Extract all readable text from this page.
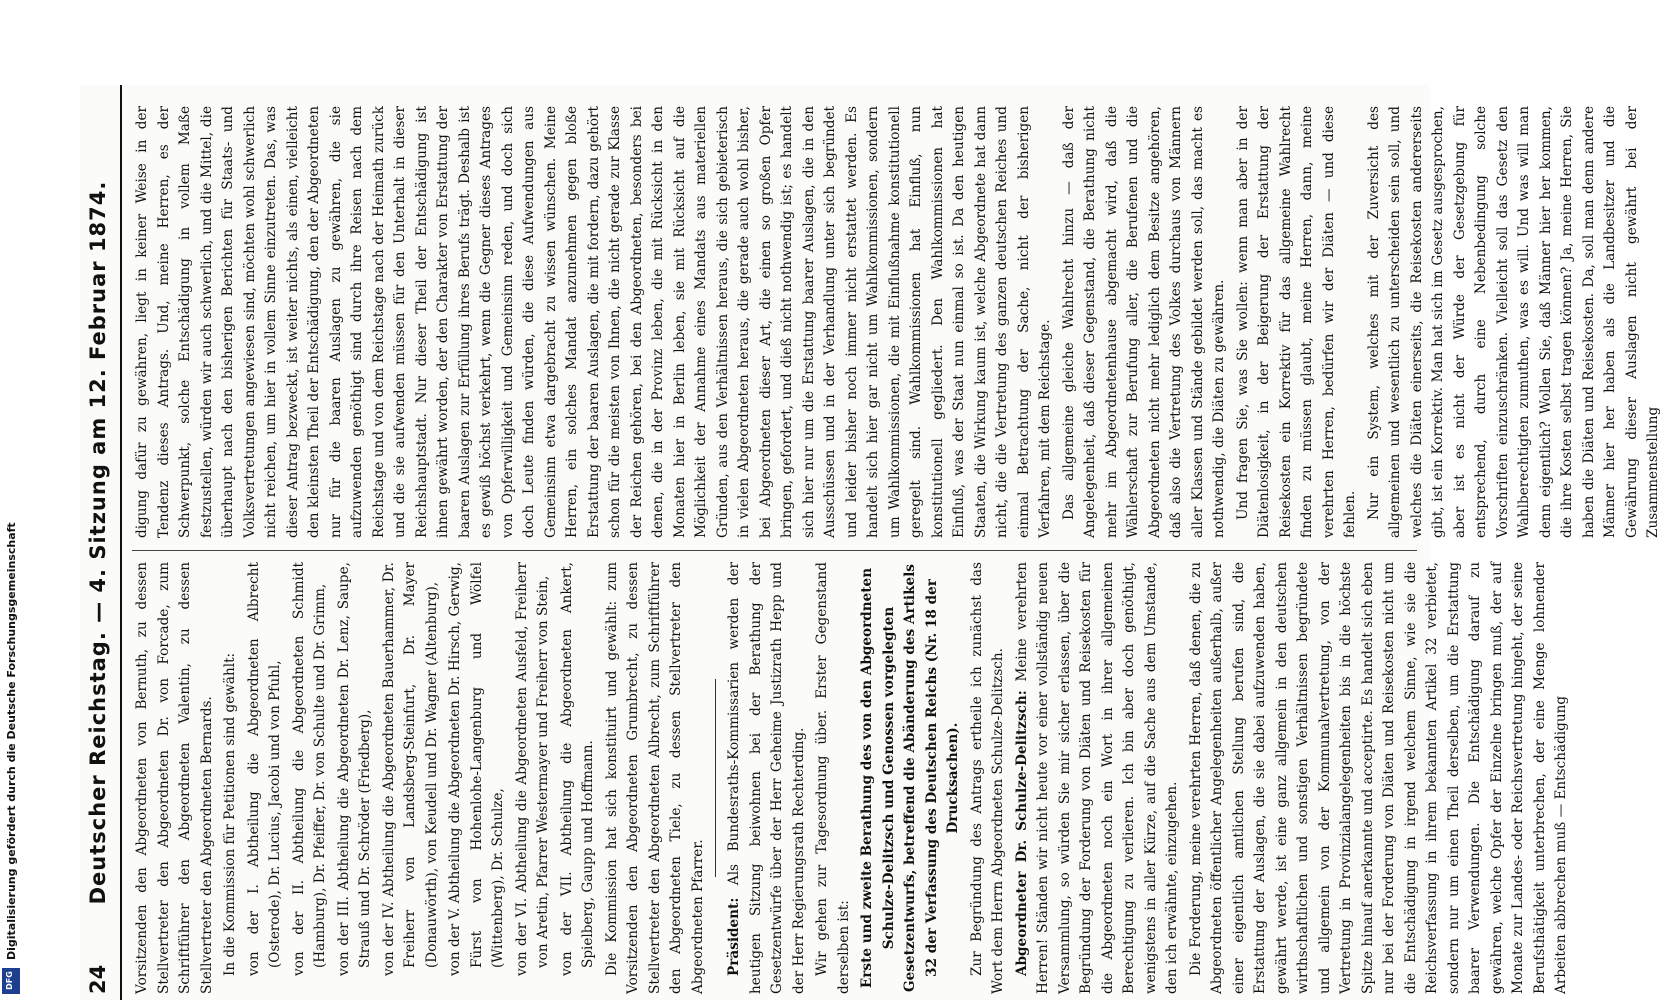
24
Deutscher Reichstag. — 4. Sitzung am 12. Februar 1874. Vorsitzenden den Abgeordneten von Bernuth, zu dessen Stellvertreter den Abgeordneten Dr. von Forcade, zum Schriftführer den Abgeordneten Valentin, zu dessen Stellvertreter den Abgeordneten Bernards. In die Kommission für Petitionen sind gewählt: von der I. Abtheilung die Abgeordneten Albrecht (Osterode), Dr. Lucius, Jacobi und von Pfuhl, von der II. Abtheilung die Abgeordneten Schmidt (Hamburg), Dr. Pfeiffer, Dr. von Schulte und Dr. Grimm, von der III. Abtheilung die Abgeordneten Dr. Lenz, Saupe, Strauß und Dr. Schröder (Friedberg), von der IV. Abtheilung die Abgeordneten Bauerhammer, Dr. Freiherr von Landsberg-Steinfurt, Dr. Mayer (Donauwörth), von Keudell und Dr. Wagner (Altenburg), von der V. Abtheilung die Abgeordneten Dr. Hirsch, Gerwig, Fürst von Hohenlohe-Langenburg und Wölfel (Wittenberg), Dr. Schulze, von der VI. Abtheilung die Abgeordneten Ausfeld, Freiherr von Aretin, Pfarrer Westermayer und Freiherr von Stein, von der VII. Abtheilung die Abgeordneten Ankert, Spielberg, Gaupp und Hoffmann. Die Kommission hat sich konstituirt und gewählt: zum Vorsitzenden den Abgeordneten Grumbrecht, zu dessen Stellvertreter den Abgeordneten Albrecht, zum Schriftführer den Abgeordneten Tiele, zu dessen Stellvertreter den Abgeordneten Pfarrer. Präsident: Als Bundesraths-Kommissarien werden der heutigen Sitzung beiwohnen bei der Berathung der Gesetzentwürfe über der Herr Geheime Justizrath Hepp und der Herr Regierungsrath Rechterding. Wir gehen zur Tagesordnung über. Erster Gegenstand derselben ist: Erste und zweite Berathung des von den Abgeordneten Schulze-Delitzsch und Genossen vorgelegten Gesetzentwurfs, betreffend die Abänderung des Artikels 32 der Verfassung des Deutschen Reichs (Nr. 18 der Drucksachen). Zur Begründung des Antrags ertheile ich zunächst das Wort dem Herrn Abgeordneten Schulze-Delitzsch. Abgeordneter Dr. Schulze-Delitzsch: Meine verehrten Herren! Ständen wir nicht heute vor einer vollständig neuen Versammlung, so würden Sie mir sicher erlassen, über die Begründung der Forderung von Diäten und Reisekosten für die Abgeordneten noch ein Wort in ihrer allgemeinen Berechtigung zu verlieren. Ich bin aber doch genöthigt, wenigstens in aller Kürze, auf die Sache aus dem Umstande, den ich erwähnte, einzugehen. Die Forderung, meine verehrten Herren, daß denen, die zu Abgeordneten öffentlicher Angelegenheiten außerhalb, außer einer eigentlich amtlichen Stellung berufen sind, die Erstattung der Auslagen, die sie dabei aufzuwenden haben, gewährt werde, ist eine ganz allgemein in den deutschen wirthschaftlichen und sonstigen Verhältnissen begründete und allgemein von der Kommunalvertretung, von der Vertretung in Provinzialangelegenheiten bis in die höchste Spitze hinauf anerkannte und acceptirte. Es handelt sich eben nur bei der Forderung von Diäten und Reisekosten nicht um die Entschädigung in irgend welchem Sinne, wie sie die Reichsverfassung in ihrem bekannten Artikel 32 verbietet, sondern nur um einen Theil derselben, um die Erstattung baarer Verwendungen. Die Entschädigung darauf zu gewähren, welche Opfer der Einzelne bringen muß, der auf Monate zur Landes- oder Reichsvertretung hingeht, der seine Berufsthätigkeit unterbrechen, der eine Menge lohnender Arbeiten abbrechen muß — Entschädigung

digung dafür zu gewähren, liegt in keiner Weise in der Tendenz dieses Antrags. Und, meine Herren, es der Schwerpunkt, solche Entschädigung in vollem Maße festzustellen, würden wir auch schwerlich, und die Mittel, die überhaupt nach den bisherigen Berichten für Staats- und Volksvertretungen angewiesen sind, möchten wohl schwerlich nicht reichen, um hier in vollem Sinne einzutreten. Das, was dieser Antrag bezweckt, ist weiter nichts, als einen, vielleicht den kleinsten Theil der Entschädigung, den der Abgeordneten nur für die baaren Auslagen zu gewähren, die sie aufzuwenden genöthigt sind durch ihre Reisen nach dem Reichstage und von dem Reichstage nach der Heimath zurück und die sie aufwenden müssen für den Unterhalt in dieser Reichshauptstadt. Nur dieser Theil der Entschädigung ist ihnen gewährt worden, der den Charakter von Erstattung der baaren Auslagen zur Erfüllung ihres Berufs trägt. Deshalb ist es gewiß höchst verkehrt, wenn die Gegner dieses Antrages von Opferwilligkeit und Gemeinsinn reden, und doch sich doch Leute finden würden, die diese Aufwendungen aus Gemeinsinn etwa dargebracht zu wissen wünschen. Meine Herren, ein solches Mandat anzunehmen gegen bloße Erstattung der baaren Auslagen, die mit fordern, dazu gehört schon für die meisten von Ihnen, die nicht gerade zur Klasse der Reichen gehören, bei den Abgeordneten, besonders bei denen, die in der Provinz leben, die mit Rücksicht in den Monaten hier in Berlin leben, sie mit Rücksicht auf die Möglichkeit der Annahme eines Mandats aus materiellen Gründen, aus den Verhältnissen heraus, die sich gebieterisch in vielen Abgeordneten heraus, die gerade auch wohl bisher, bei Abgeordneten dieser Art, die einen so großen Opfer bringen, gefordert, und dieß nicht nothwendig ist; es handelt sich hier nur um die Erstattung baarer Auslagen, die in den Ausschüssen und in der Verhandlung unter sich begründet und leider bisher noch immer nicht erstattet werden. Es handelt sich hier gar nicht um Wahlkommissionen, sondern um Wahlkommissionen, die mit Einflußnahme konstitutionell geregelt sind. Wahlkommissionen hat Einfluß, nun konstitutionell gegliedert. Den Wahlkommissionen hat Einfluß, was der Staat nun einmal so ist. Da den heutigen Staaten, die Wirkung kaum ist, welche Abgeordnete hat dann nicht, die die Vertretung des ganzen deutschen Reiches und einmal Betrachtung der Sache, nicht der bisherigen Verfahren, mit dem Reichstage. Das allgemeine gleiche Wahlrecht hinzu — daß der Angelegenheit, daß dieser Gegenstand, die Berathung nicht mehr im Abgeordnetenhause abgemacht wird, daß die Wählerschaft zur Berufung aller, die Berufenen und die Abgeordneten nicht mehr lediglich dem Besitze angehören, daß also die Vertretung des Volkes durchaus von Männern aller Klassen und Stände gebildet werden soll, das macht es nothwendig, die Diäten zu gewähren. Und fragen Sie, was Sie wollen: wenn man aber in der Diätenlosigkeit, in der Beigerung der Erstattung der Reisekosten ein Korrektiv für das allgemeine Wahlrecht finden zu müssen glaubt, meine Herren, dann, meine verehrten Herren, bedürfen wir der Diäten — und diese fehlen. Nur ein System, welches mit der Zuversicht des allgemeinen und wesentlich zu unterscheiden sein soll, und welches die Diäten einerseits, die Reisekosten andererseits gibt, ist ein Korrektiv. Man hat sich im Gesetz ausgesprochen, aber ist es nicht der Würde der Gesetzgebung für entsprechend, durch eine Nebenbedingung solche Vorschriften einzuschränken. Vielleicht soll das Gesetz den Wahlberechtigten zumuthen, was es will. Und was will man denn eigentlich? Wollen Sie, daß Männer hier her kommen, die ihre Kosten selbst tragen können? Ja, meine Herren, Sie haben die Diäten und Reisekosten. Da, soll man denn andere Männer hier her haben als die Landbesitzer und die Gewährung dieser Auslagen nicht gewährt bei der Zusammenstellung

Digitalisierung gefördert durch die Deutsche Forschungsgemeinschaft
DFG
